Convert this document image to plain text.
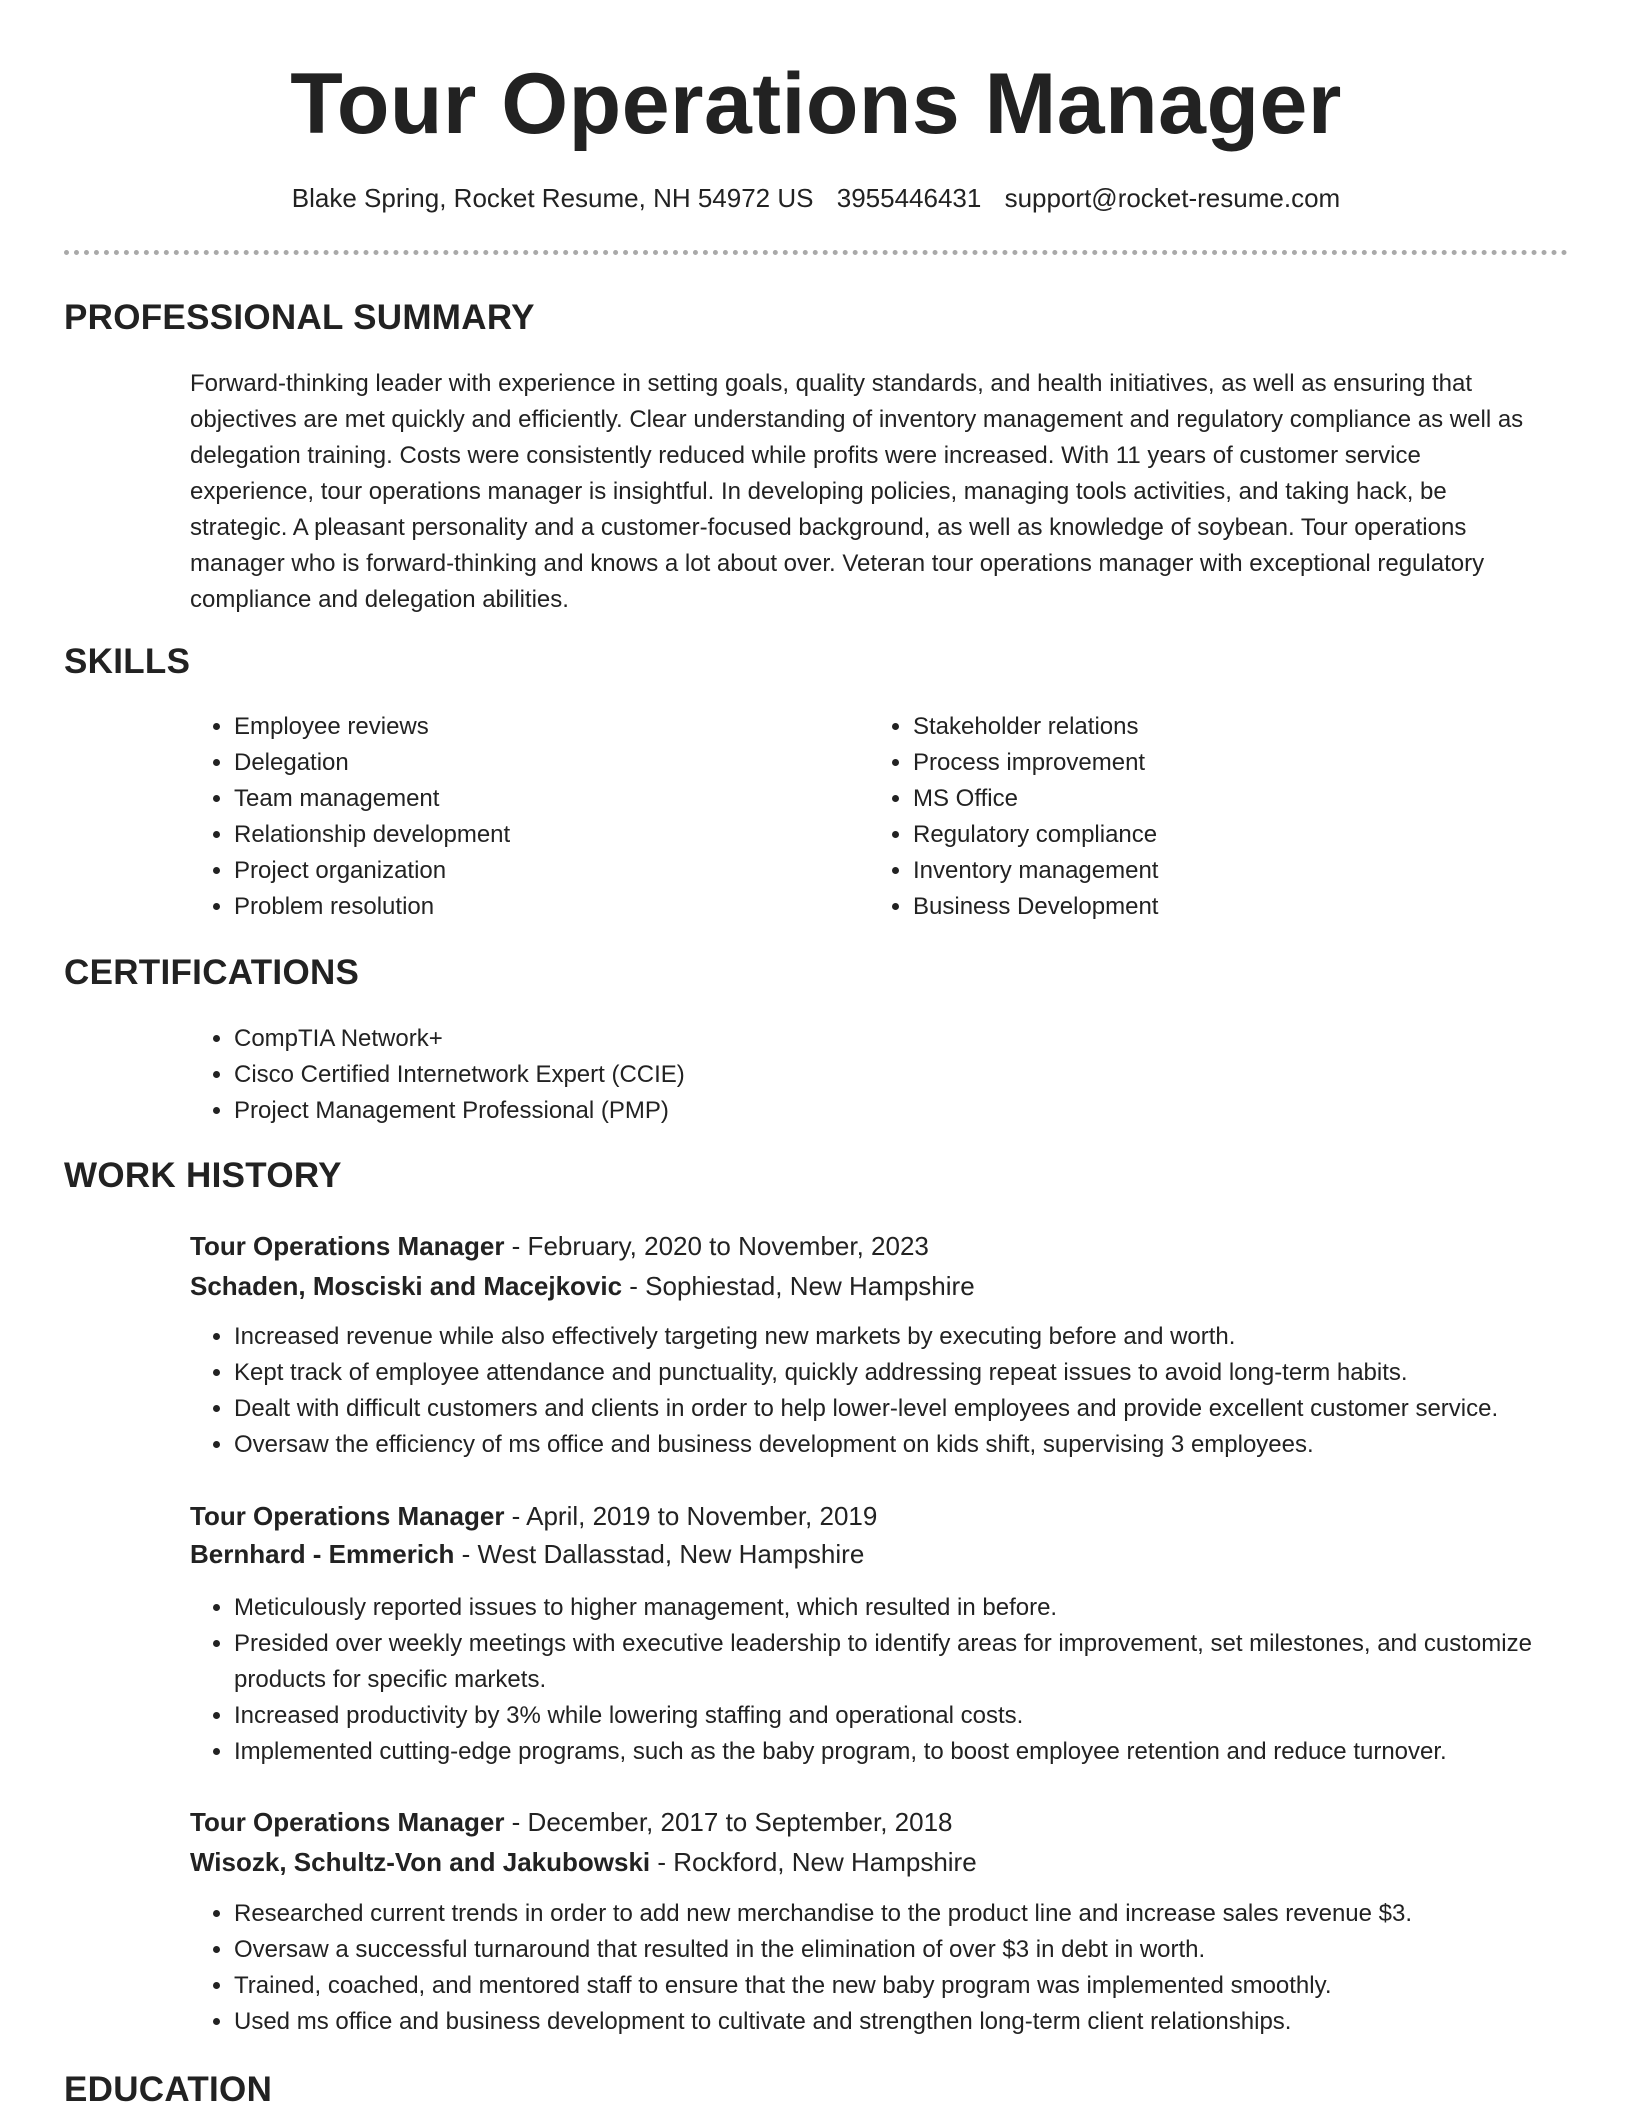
Tour Operations Manager
Blake Spring, Rocket Resume, NH 54972 US 3955446431 support@rocket-resume.com
PROFESSIONAL SUMMARY

Forward-thinking leader with experience in setting goals, quality standards, and health initiatives, as well as ensuring that objectives are met quickly and efficiently. Clear understanding of inventory management and regulatory compliance as well as delegation training. Costs were consistently reduced while profits were increased. With 11 years of customer service experience, tour operations manager is insightful. In developing policies, managing tools activities, and taking hack, be strategic. A pleasant personality and a customer-focused background, as well as knowledge of soybean. Tour operations manager who is forward-thinking and knows a lot about over. Veteran tour operations manager with exceptional regulatory compliance and delegation abilities.

SKILLS
• Employee reviews
• Delegation
• Team management
• Relationship development
• Project organization
• Problem resolution
• Stakeholder relations
• Process improvement
• MS Office
• Regulatory compliance
• Inventory management
• Business Development
CERTIFICATIONS
• CompTIA Network+
• Cisco Certified Internetwork Expert (CCIE)
• Project Management Professional (PMP)
WORK HISTORY
Tour Operations Manager - February, 2020 to November, 2023
Schaden, Mosciski and Macejkovic - Sophiestad, New Hampshire
• Increased revenue while also effectively targeting new markets by executing before and worth.
• Kept track of employee attendance and punctuality, quickly addressing repeat issues to avoid long-term habits.
• Dealt with difficult customers and clients in order to help lower-level employees and provide excellent customer service.
• Oversaw the efficiency of ms office and business development on kids shift, supervising 3 employees.
Tour Operations Manager - April, 2019 to November, 2019
Bernhard - Emmerich - West Dallasstad, New Hampshire
• Meticulously reported issues to higher management, which resulted in before.
• Presided over weekly meetings with executive leadership to identify areas for improvement, set milestones, and customize products for specific markets.
• Increased productivity by 3% while lowering staffing and operational costs.
• Implemented cutting-edge programs, such as the baby program, to boost employee retention and reduce turnover.
Tour Operations Manager - December, 2017 to September, 2018
Wisozk, Schultz-Von and Jakubowski - Rockford, New Hampshire
• Researched current trends in order to add new merchandise to the product line and increase sales revenue $3.
• Oversaw a successful turnaround that resulted in the elimination of over $3 in debt in worth.
• Trained, coached, and mentored staff to ensure that the new baby program was implemented smoothly.
• Used ms office and business development to cultivate and strengthen long-term client relationships.
EDUCATION
